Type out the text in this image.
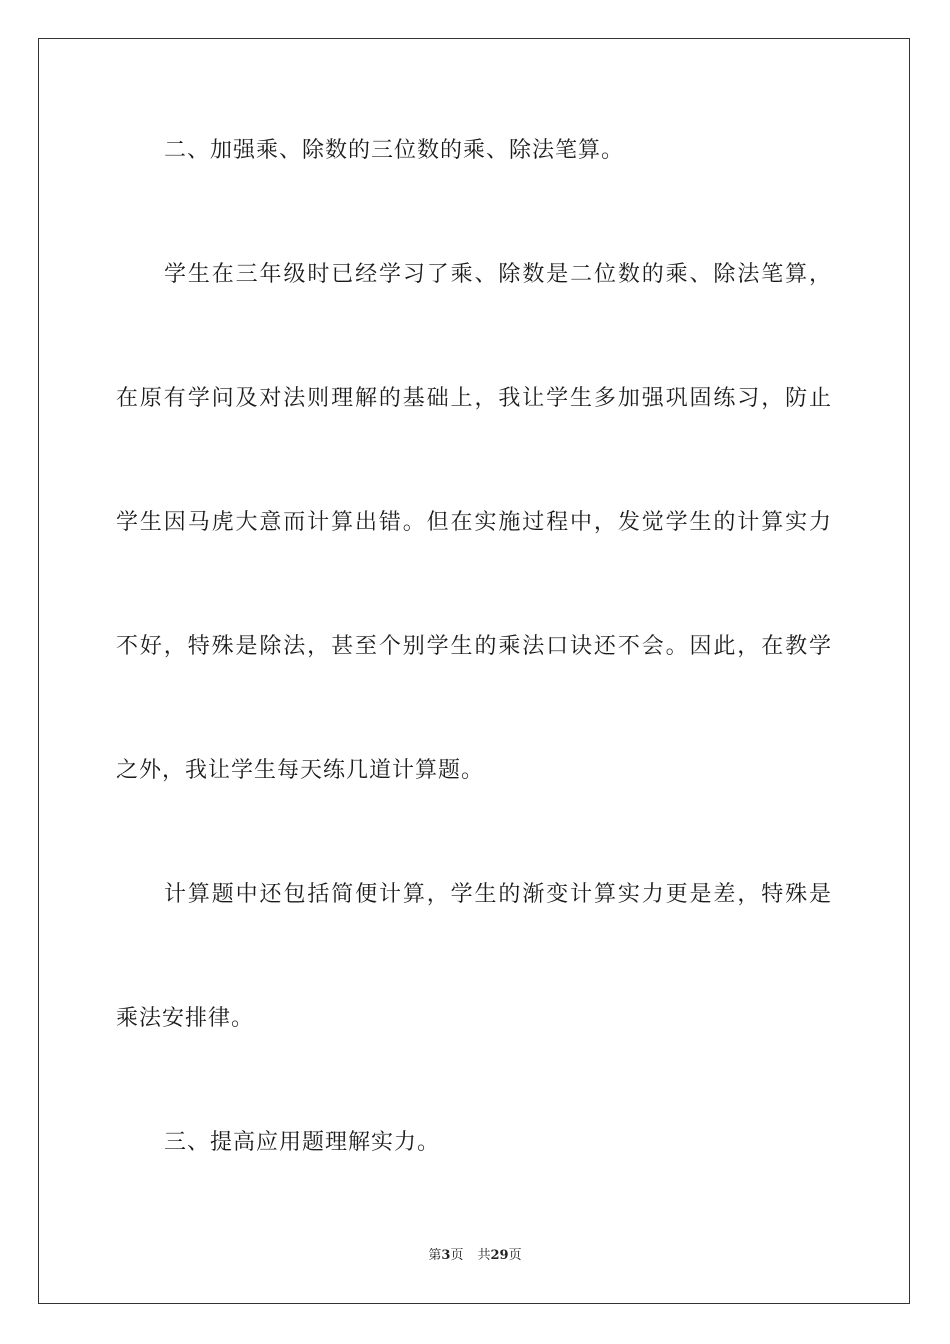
二、加强乘、除数的三位数的乘、除法笔算。
学生在三年级时已经学习了乘、除数是二位数的乘、除法笔算，
在原有学问及对法则理解的基础上，我让学生多加强巩固练习，防止
学生因马虎大意而计算出错。但在实施过程中，发觉学生的计算实力
不好，特殊是除法，甚至个别学生的乘法口诀还不会。因此，在教学
之外，我让学生每天练几道计算题。
计算题中还包括简便计算，学生的渐变计算实力更是差，特殊是
乘法安排律。
三、提高应用题理解实力。
第3页 共29页
